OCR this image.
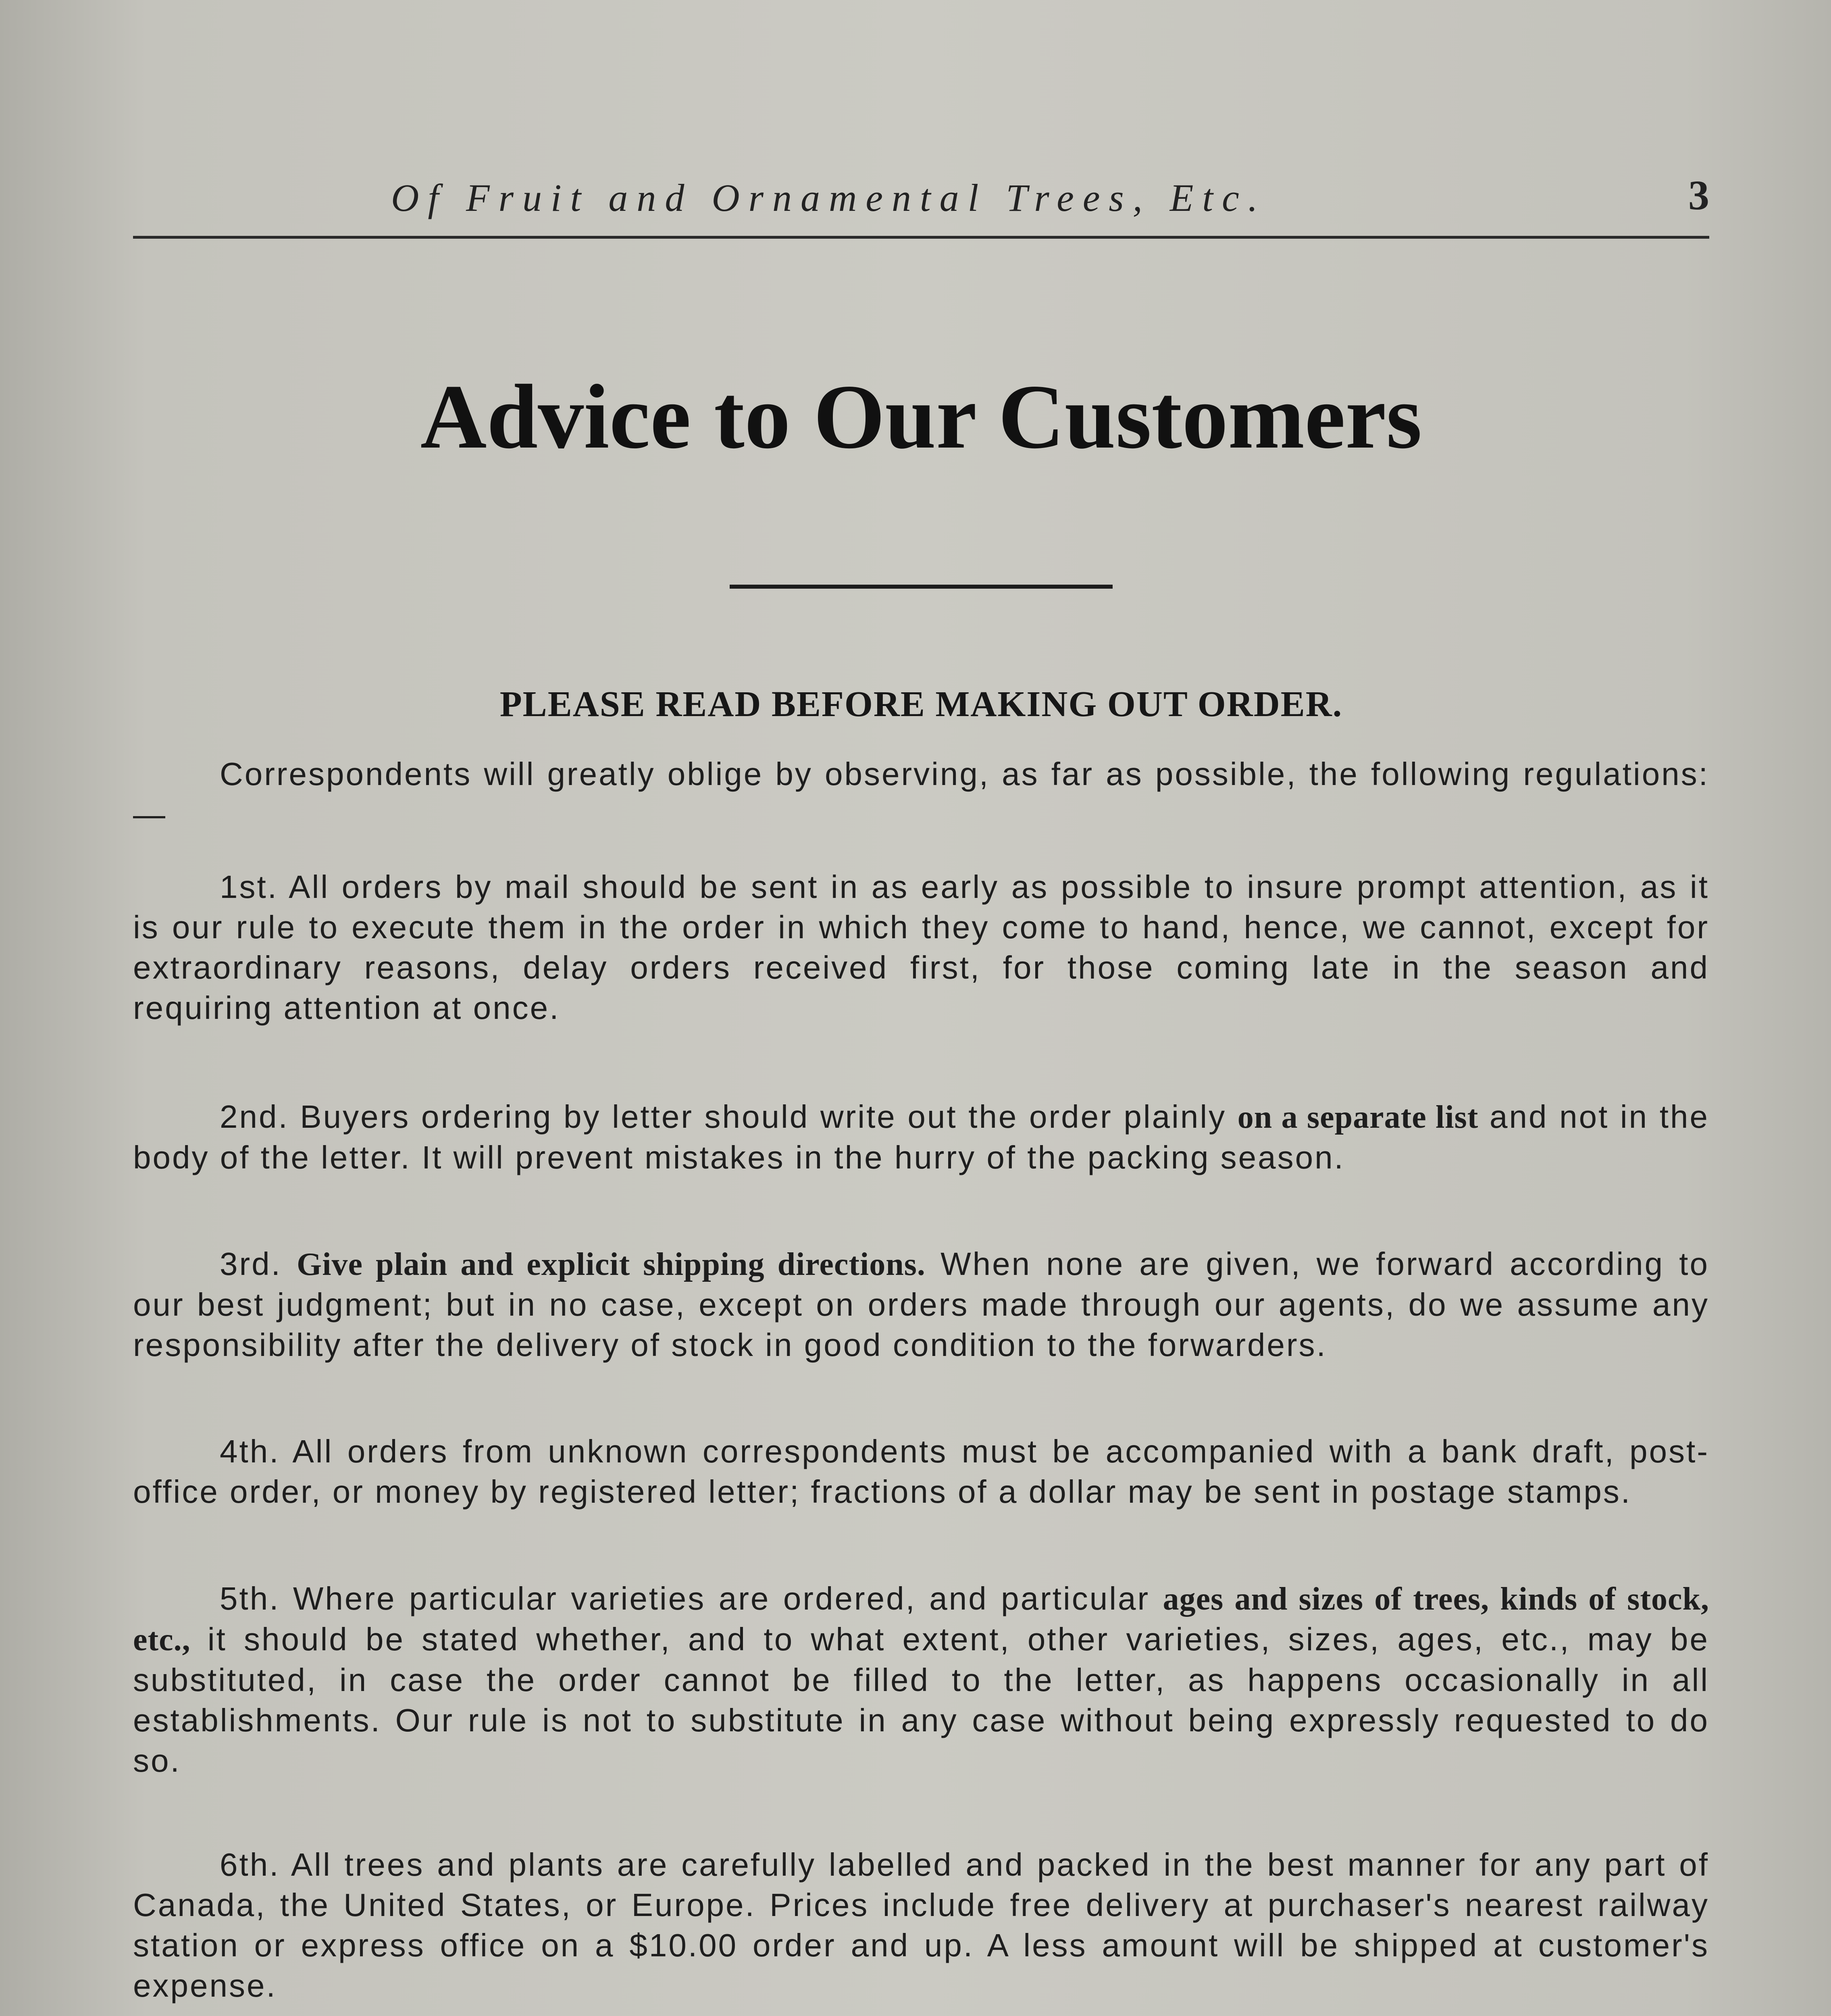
Of Fruit and Ornamental Trees, Etc.	3
Advice to Our Customers
PLEASE READ BEFORE MAKING OUT ORDER.

Correspondents will greatly oblige by observing, as far as possible, the following regulations:—

1st. All orders by mail should be sent in as early as possible to insure prompt attention, as it is our rule to execute them in the order in which they come to hand, hence, we cannot, except for extraordinary reasons, delay orders received first, for those coming late in the season and requiring attention at once.

2nd. Buyers ordering by letter should write out the order plainly on a separate list and not in the body of the letter. It will prevent mistakes in the hurry of the packing season.

3rd. Give plain and explicit shipping directions. When none are given, we forward according to our best judgment; but in no case, except on orders made through our agents, do we assume any responsibility after the delivery of stock in good condition to the forwarders.

4th. All orders from unknown correspondents must be accompanied with a bank draft, post-office order, or money by registered letter; fractions of a dollar may be sent in postage stamps.

5th. Where particular varieties are ordered, and particular ages and sizes of trees, kinds of stock, etc., it should be stated whether, and to what extent, other varieties, sizes, ages, etc., may be substituted, in case the order cannot be filled to the letter, as happens occasionally in all establishments. Our rule is not to substitute in any case without being expressly requested to do so.

6th. All trees and plants are carefully labelled and packed in the best manner for any part of Canada, the United States, or Europe. Prices include free delivery at purchaser's nearest railway station or express office on a $10.00 order and up. A less amount will be shipped at customer's expense.
